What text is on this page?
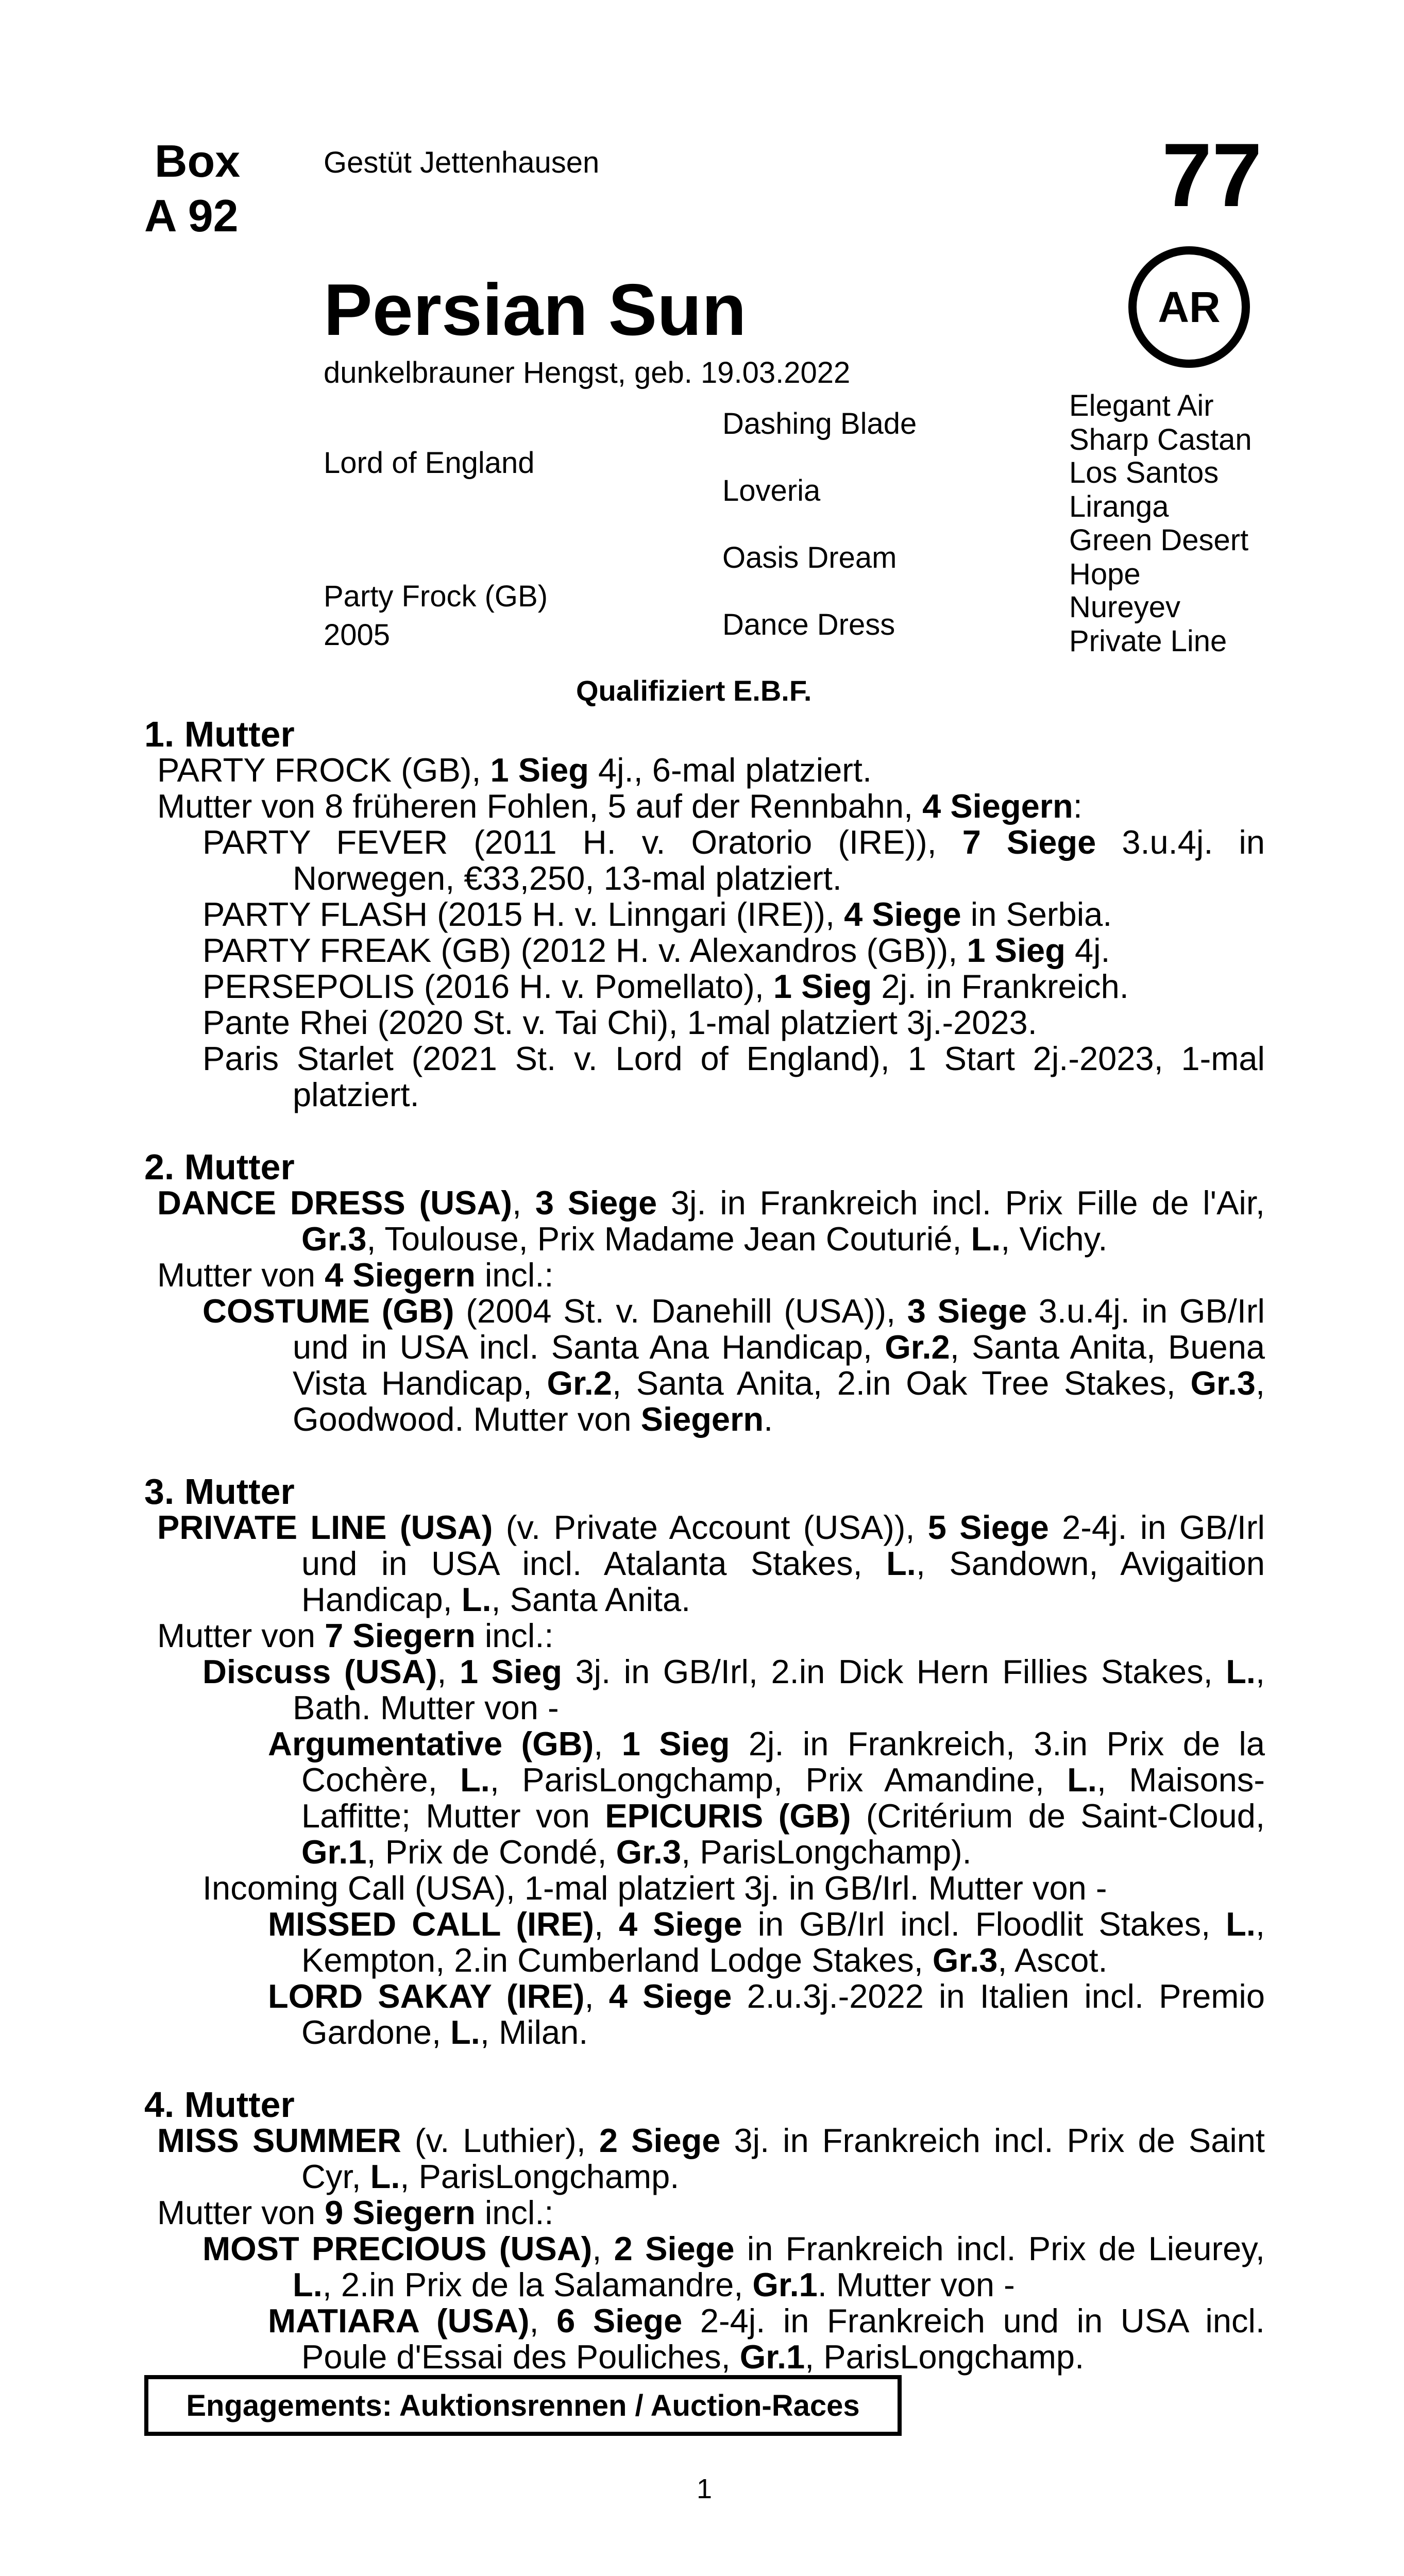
Box
A 92
Gestüt Jettenhausen	77
AR
Persian Sun
dunkelbrauner Hengst, geb. 19.03.2022
Lord of England
Party Frock (GB)
2005
Dashing Blade
Loveria
Oasis Dream
Dance Dress
Elegant Air
Sharp Castan
Los Santos
Liranga
Green Desert
Hope
Nureyev
Private Line
Qualifiziert E.B.F.
1. Mutter
PARTY FROCK (GB), 1 Sieg 4j., 6-mal platziert.
Mutter von 8 früheren Fohlen, 5 auf der Rennbahn, 4 Siegern:
PARTY FEVER (2011 H. v. Oratorio (IRE)), 7 Siege 3.u.4j. in Norwegen, €33,250, 13-mal platziert.
PARTY FLASH (2015 H. v. Linngari (IRE)), 4 Siege in Serbia.
PARTY FREAK (GB) (2012 H. v. Alexandros (GB)), 1 Sieg 4j.
PERSEPOLIS (2016 H. v. Pomellato), 1 Sieg 2j. in Frankreich.
Pante Rhei (2020 St. v. Tai Chi), 1-mal platziert 3j.-2023.
Paris Starlet (2021 St. v. Lord of England), 1 Start 2j.-2023, 1-mal platziert.
2. Mutter
DANCE DRESS (USA), 3 Siege 3j. in Frankreich incl. Prix Fille de l'Air, Gr.3, Toulouse, Prix Madame Jean Couturié, L., Vichy.
Mutter von 4 Siegern incl.:
COSTUME (GB) (2004 St. v. Danehill (USA)), 3 Siege 3.u.4j. in GB/Irl und in USA incl. Santa Ana Handicap, Gr.2, Santa Anita, Buena Vista Handicap, Gr.2, Santa Anita, 2.in Oak Tree Stakes, Gr.3, Goodwood. Mutter von Siegern.
3. Mutter
PRIVATE LINE (USA) (v. Private Account (USA)), 5 Siege 2-4j. in GB/Irl und in USA incl. Atalanta Stakes, L., Sandown, Avigaition Handicap, L., Santa Anita.
Mutter von 7 Siegern incl.:
Discuss (USA), 1 Sieg 3j. in GB/Irl, 2.in Dick Hern Fillies Stakes, L., Bath. Mutter von -
Argumentative (GB), 1 Sieg 2j. in Frankreich, 3.in Prix de la Cochère, L., ParisLongchamp, Prix Amandine, L., Maisons-Laffitte; Mutter von EPICURIS (GB) (Critérium de Saint-Cloud, Gr.1, Prix de Condé, Gr.3, ParisLongchamp).
Incoming Call (USA), 1-mal platziert 3j. in GB/Irl. Mutter von -
MISSED CALL (IRE), 4 Siege in GB/Irl incl. Floodlit Stakes, L., Kempton, 2.in Cumberland Lodge Stakes, Gr.3, Ascot.
LORD SAKAY (IRE), 4 Siege 2.u.3j.-2022 in Italien incl. Premio Gardone, L., Milan.
4. Mutter
MISS SUMMER (v. Luthier), 2 Siege 3j. in Frankreich incl. Prix de Saint Cyr, L., ParisLongchamp.
Mutter von 9 Siegern incl.:
MOST PRECIOUS (USA), 2 Siege in Frankreich incl. Prix de Lieurey, L., 2.in Prix de la Salamandre, Gr.1. Mutter von -
MATIARA (USA), 6 Siege 2-4j. in Frankreich und in USA incl. Poule d'Essai des Pouliches, Gr.1, ParisLongchamp.
Engagements: Auktionsrennen / Auction-Races
1
